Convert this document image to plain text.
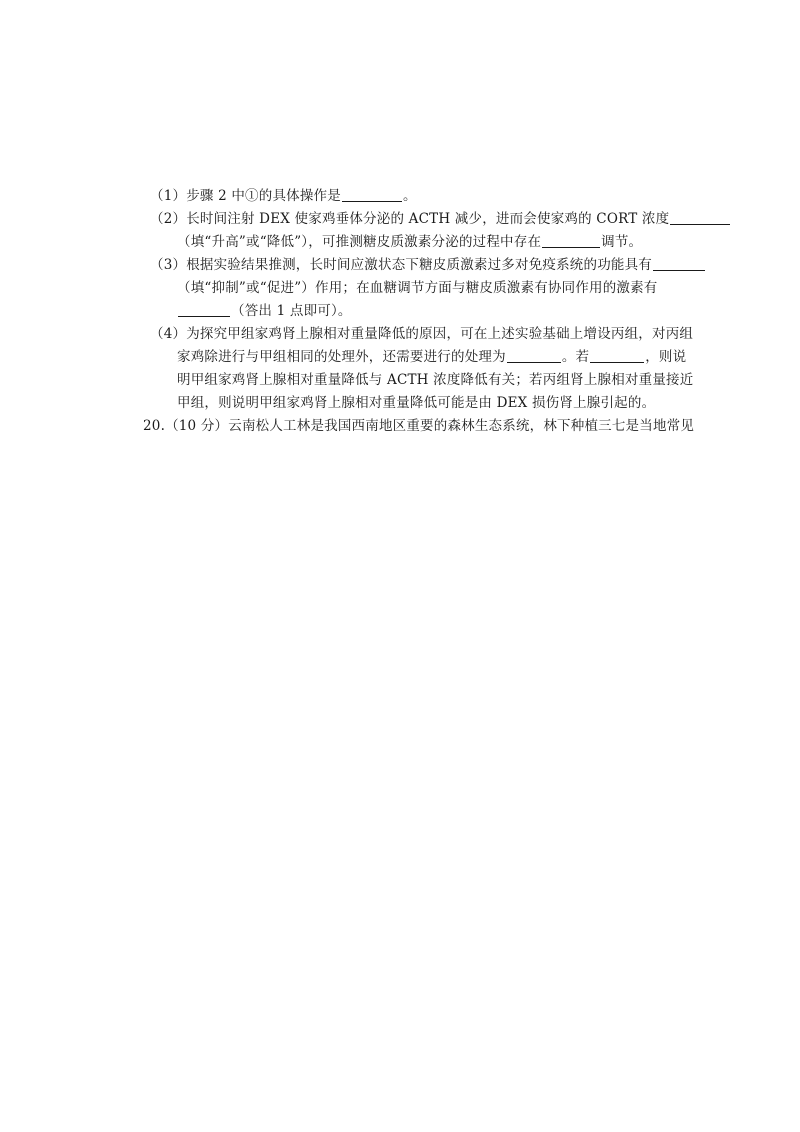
（1）步骤 2 中①的具体操作是	。
（2）长时间注射 DEX 使家鸡垂体分泌的 ACTH 减少，进而会使家鸡的 CORT 浓度
（填“升高”或“降低”），可推测糖皮质激素分泌的过程中存在	调节。
（3）根据实验结果推测，长时间应激状态下糖皮质激素过多对免疫系统的功能具有
（填“抑制”或“促进”）作用；在血糖调节方面与糖皮质激素有协同作用的激素有
（答出 1 点即可）。
（4）为探究甲组家鸡肾上腺相对重量降低的原因，可在上述实验基础上增设丙组，对丙组
家鸡除进行与甲组相同的处理外，还需要进行的处理为	。若	，则说
明甲组家鸡肾上腺相对重量降低与 ACTH 浓度降低有关；若丙组肾上腺相对重量接近
甲组，则说明甲组家鸡肾上腺相对重量降低可能是由 DEX 损伤肾上腺引起的。
20.（10 分）云南松人工林是我国西南地区重要的森林生态系统，林下种植三七是当地常见
